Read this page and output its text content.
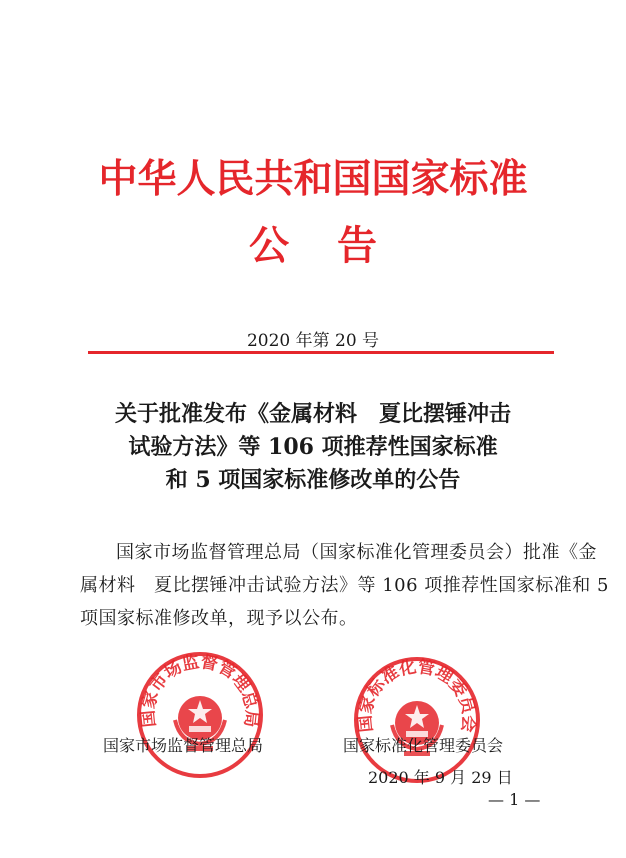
中华人民共和国国家标准
公告
2020 年第 20 号
关于批准发布《金属材料　夏比摆锤冲击
试验方法》等 106 项推荐性国家标准
和 5 项国家标准修改单的公告
国家市场监督管理总局（国家标准化管理委员会）批准《金
属材料　夏比摆锤冲击试验方法》等 106 项推荐性国家标准和 5
项国家标准修改单，现予以公布。
国家市场监督管理总局	国家标准化管理委员会
国家市场监督管理总局	国家标准化管理委员会
2020 年 9 月 29 日
— 1 —
